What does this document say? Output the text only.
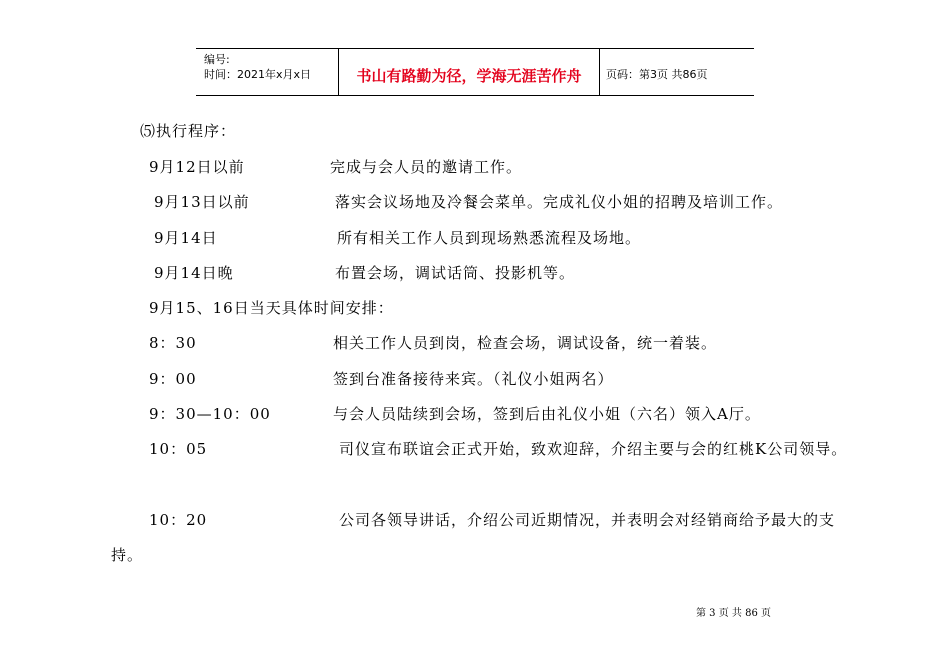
编号:
时间：2021年x月x日	书山有路勤为径，学海无涯苦作舟	页码：第3页 共86页
⑸执行程序：
9月12日以前	完成与会人员的邀请工作。
9月13日以前	落实会议场地及冷餐会菜单。完成礼仪小姐的招聘及培训工作。
9月14日	所有相关工作人员到现场熟悉流程及场地。
9月14日晚	布置会场，调试话筒、投影机等。
9月15、16日当天具体时间安排：
8：30	相关工作人员到岗，检查会场，调试设备，统一着装。
9：00	签到台准备接待来宾。（礼仪小姐两名）
9：30—10：00	与会人员陆续到会场，签到后由礼仪小姐（六名）领入A厅。
10：05	司仪宣布联谊会正式开始，致欢迎辞，介绍主要与会的红桃K公司领导。
10：20	公司各领导讲话，介绍公司近期情况，并表明会对经销商给予最大的支
持。
第 3 页 共 86 页
